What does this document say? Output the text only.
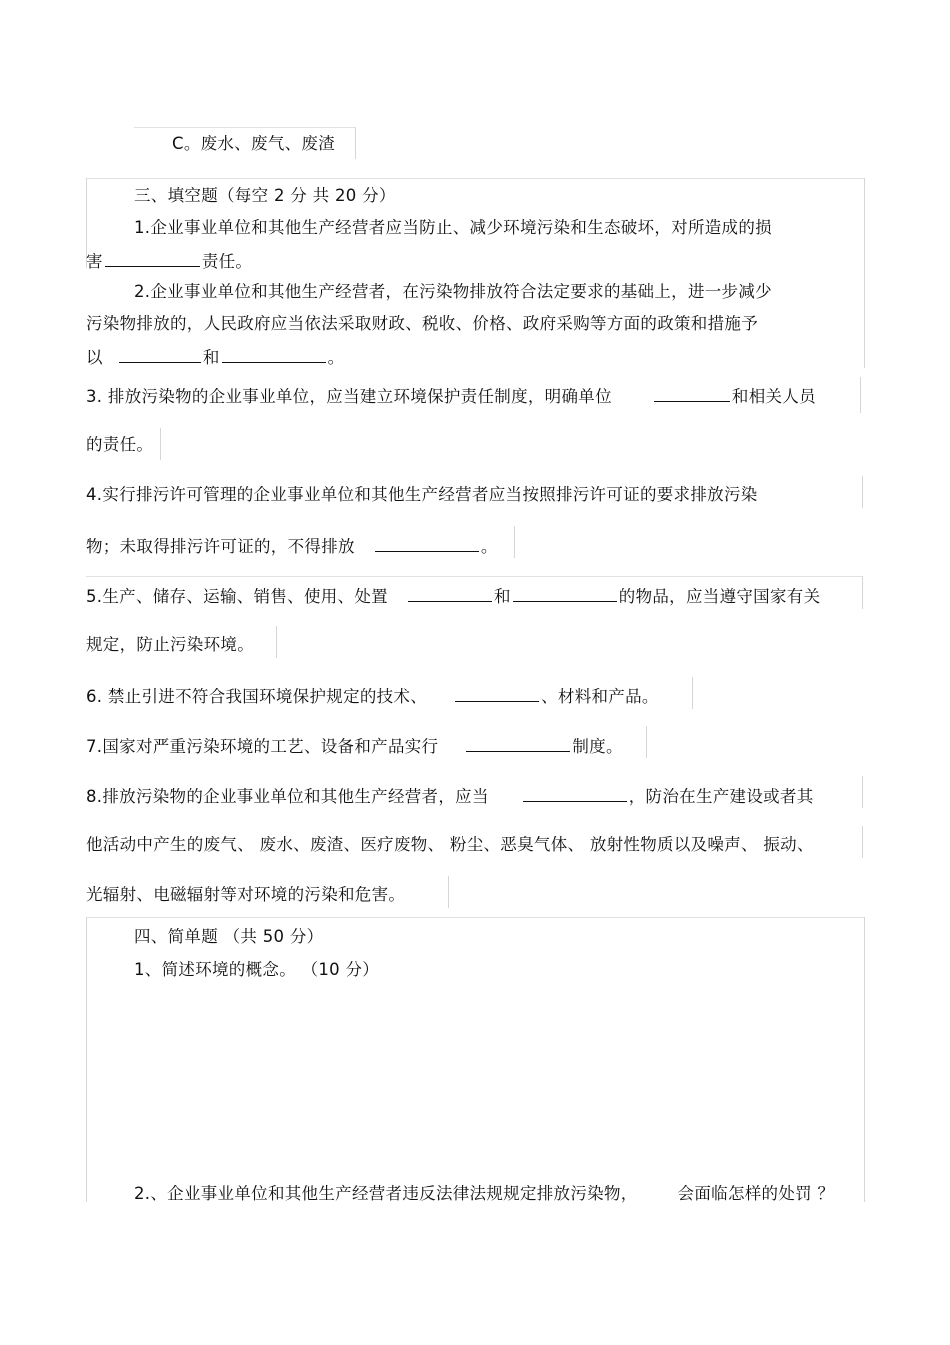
C。废水、废气、废渣
三、填空题（每空 2 分 共 20 分）
1.企业事业单位和其他生产经营者应当防止、减少环境污染和生态破坏，对所造成的损
害	责任。
2.企业事业单位和其他生产经营者，在污染物排放符合法定要求的基础上，进一步减少
污染物排放的，人民政府应当依法采取财政、税收、价格、政府采购等方面的政策和措施予
以	和	。
3. 排放污染物的企业事业单位，应当建立环境保护责任制度，明确单位	和相关人员
的责任。
4.实行排污许可管理的企业事业单位和其他生产经营者应当按照排污许可证的要求排放污染
物；未取得排污许可证的，不得排放	。
5.生产、储存、运输、销售、使用、处置	和	的物品，应当遵守国家有关
规定，防止污染环境。
6. 禁止引进不符合我国环境保护规定的技术、	、材料和产品。
7.国家对严重污染环境的工艺、设备和产品实行	制度。
8.排放污染物的企业事业单位和其他生产经营者，应当	，防治在生产建设或者其
他活动中产生的废气、 废水、废渣、医疗废物、 粉尘、恶臭气体、 放射性物质以及噪声、 振动、
光辐射、电磁辐射等对环境的污染和危害。
四、简单题 （共 50 分）
1、简述环境的概念。 （10 分）
2.、企业事业单位和其他生产经营者违反法律法规规定排放污染物， 会面临怎样的处罚 ？
